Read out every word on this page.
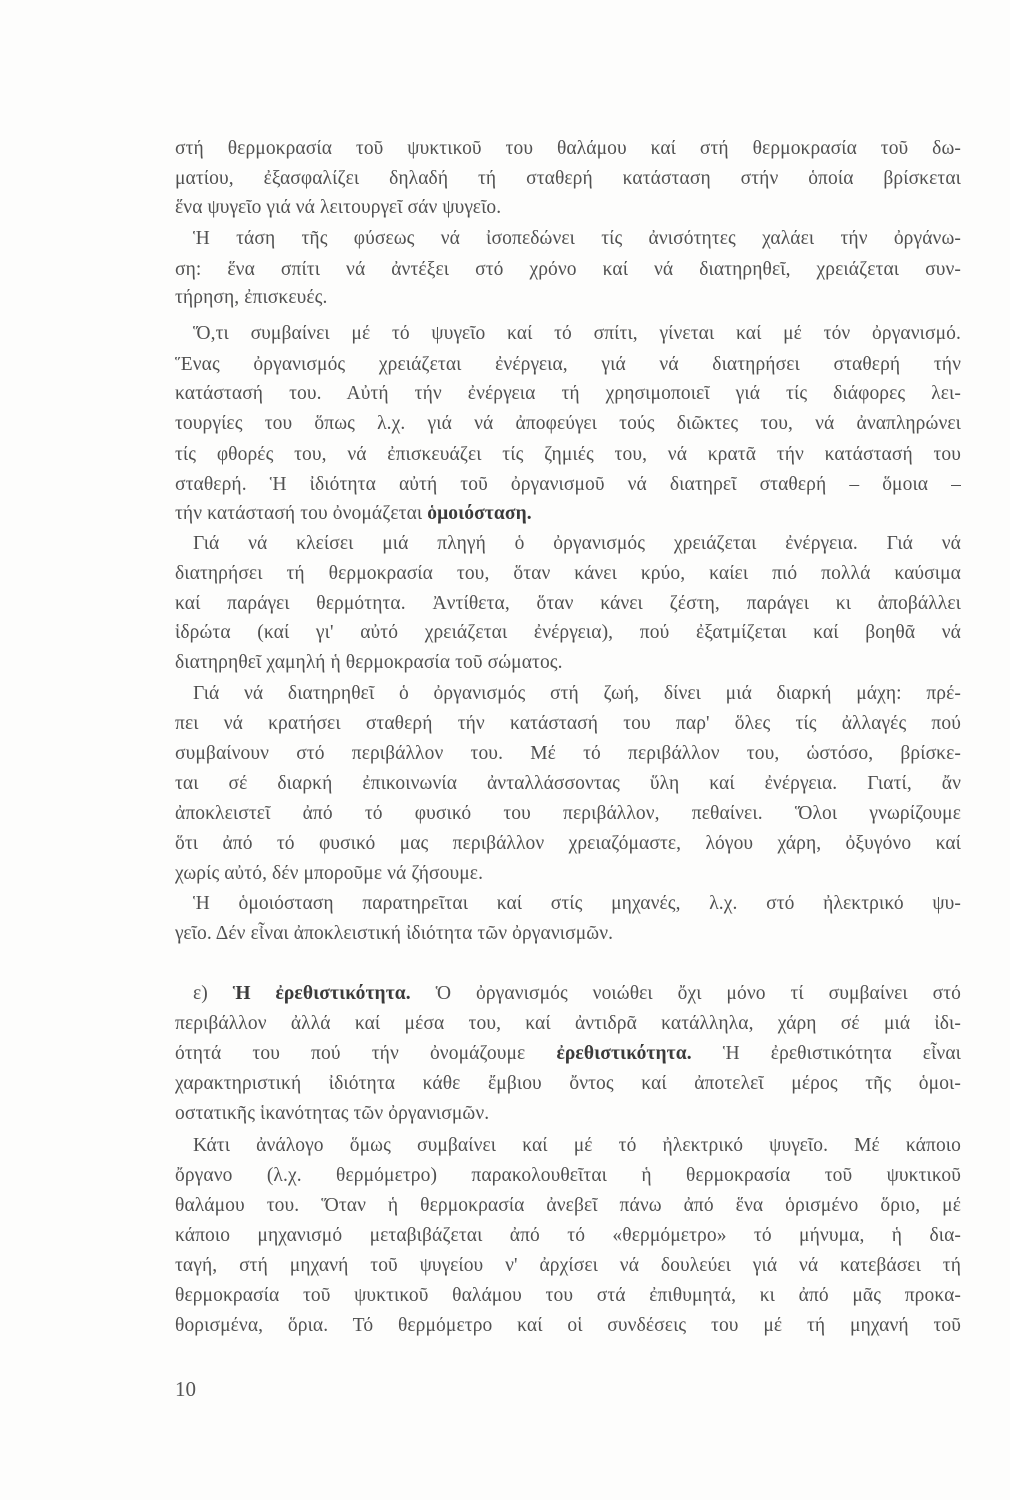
10
στή θερμοκρασία τοῦ ψυκτικοῦ του θαλάμου καί στή θερμοκρασία τοῦ δω-
ματίου, ἐξασφαλίζει δηλαδή τή σταθερή κατάσταση στήν ὁποία βρίσκεται
ἕνα ψυγεῖο γιά νά λειτουργεῖ σάν ψυγεῖο.
Ἡ τάση τῆς φύσεως νά ἰσοπεδώνει τίς ἀνισότητες χαλάει τήν ὀργάνω-
ση: ἕνα σπίτι νά ἀντέξει στό χρόνο καί νά διατηρηθεῖ, χρειάζεται συν-
τήρηση, ἐπισκευές.
Ὅ,τι συμβαίνει μέ τό ψυγεῖο καί τό σπίτι, γίνεται καί μέ τόν ὀργανισμό.
Ἕνας ὀργανισμός χρειάζεται ἐνέργεια, γιά νά διατηρήσει σταθερή τήν
κατάστασή του. Αὐτή τήν ἐνέργεια τή χρησιμοποιεῖ γιά τίς διάφορες λει-
τουργίες του ὅπως λ.χ. γιά νά ἀποφεύγει τούς διῶκτες του, νά ἀναπληρώνει
τίς φθορές του, νά ἐπισκευάζει τίς ζημιές του, νά κρατᾶ τήν κατάστασή του
σταθερή. Ἡ ἰδιότητα αὐτή τοῦ ὀργανισμοῦ νά διατηρεῖ σταθερή – ὅμοια –
τήν κατάστασή του ὀνομάζεται ὁμοιόσταση.
Γιά νά κλείσει μιά πληγή ὁ ὀργανισμός χρειάζεται ἐνέργεια. Γιά νά
διατηρήσει τή θερμοκρασία του, ὅταν κάνει κρύο, καίει πιό πολλά καύσιμα
καί παράγει θερμότητα. Ἀντίθετα, ὅταν κάνει ζέστη, παράγει κι ἀποβάλλει
ἱδρώτα (καί γι' αὐτό χρειάζεται ἐνέργεια), πού ἐξατμίζεται καί βοηθᾶ νά
διατηρηθεῖ χαμηλή ἡ θερμοκρασία τοῦ σώματος.
Γιά νά διατηρηθεῖ ὁ ὀργανισμός στή ζωή, δίνει μιά διαρκή μάχη: πρέ-
πει νά κρατήσει σταθερή τήν κατάστασή του παρ' ὅλες τίς ἀλλαγές πού
συμβαίνουν στό περιβάλλον του. Μέ τό περιβάλλον του, ὡστόσο, βρίσκε-
ται σέ διαρκή ἐπικοινωνία ἀνταλλάσσοντας ὕλη καί ἐνέργεια. Γιατί, ἄν
ἀποκλειστεῖ ἀπό τό φυσικό του περιβάλλον, πεθαίνει. Ὅλοι γνωρίζουμε
ὅτι ἀπό τό φυσικό μας περιβάλλον χρειαζόμαστε, λόγου χάρη, ὀξυγόνο καί
χωρίς αὐτό, δέν μποροῦμε νά ζήσουμε.
Ἡ ὁμοιόσταση παρατηρεῖται καί στίς μηχανές, λ.χ. στό ἠλεκτρικό ψυ-
γεῖο. Δέν εἶναι ἀποκλειστική ἰδιότητα τῶν ὀργανισμῶν.
ε) Ἡ ἐρεθιστικότητα. Ὁ ὀργανισμός νοιώθει ὄχι μόνο τί συμβαίνει στό
περιβάλλον ἀλλά καί μέσα του, καί ἀντιδρᾶ κατάλληλα, χάρη σέ μιά ἰδι-
ότητά του πού τήν ὀνομάζουμε ἐρεθιστικότητα. Ἡ ἐρεθιστικότητα εἶναι
χαρακτηριστική ἰδιότητα κάθε ἔμβιου ὄντος καί ἀποτελεῖ μέρος τῆς ὁμοι-
οστατικῆς ἱκανότητας τῶν ὀργανισμῶν.
Κάτι ἀνάλογο ὅμως συμβαίνει καί μέ τό ἠλεκτρικό ψυγεῖο. Μέ κάποιο
ὄργανο (λ.χ. θερμόμετρο) παρακολουθεῖται ἡ θερμοκρασία τοῦ ψυκτικοῦ
θαλάμου του. Ὅταν ἡ θερμοκρασία ἀνεβεῖ πάνω ἀπό ἕνα ὁρισμένο ὅριο, μέ
κάποιο μηχανισμό μεταβιβάζεται ἀπό τό «θερμόμετρο» τό μήνυμα, ἡ δια-
ταγή, στή μηχανή τοῦ ψυγείου ν' ἀρχίσει νά δουλεύει γιά νά κατεβάσει τή
θερμοκρασία τοῦ ψυκτικοῦ θαλάμου του στά ἐπιθυμητά, κι ἀπό μᾶς προκα-
θορισμένα, ὅρια. Τό θερμόμετρο καί οἱ συνδέσεις του μέ τή μηχανή τοῦ
